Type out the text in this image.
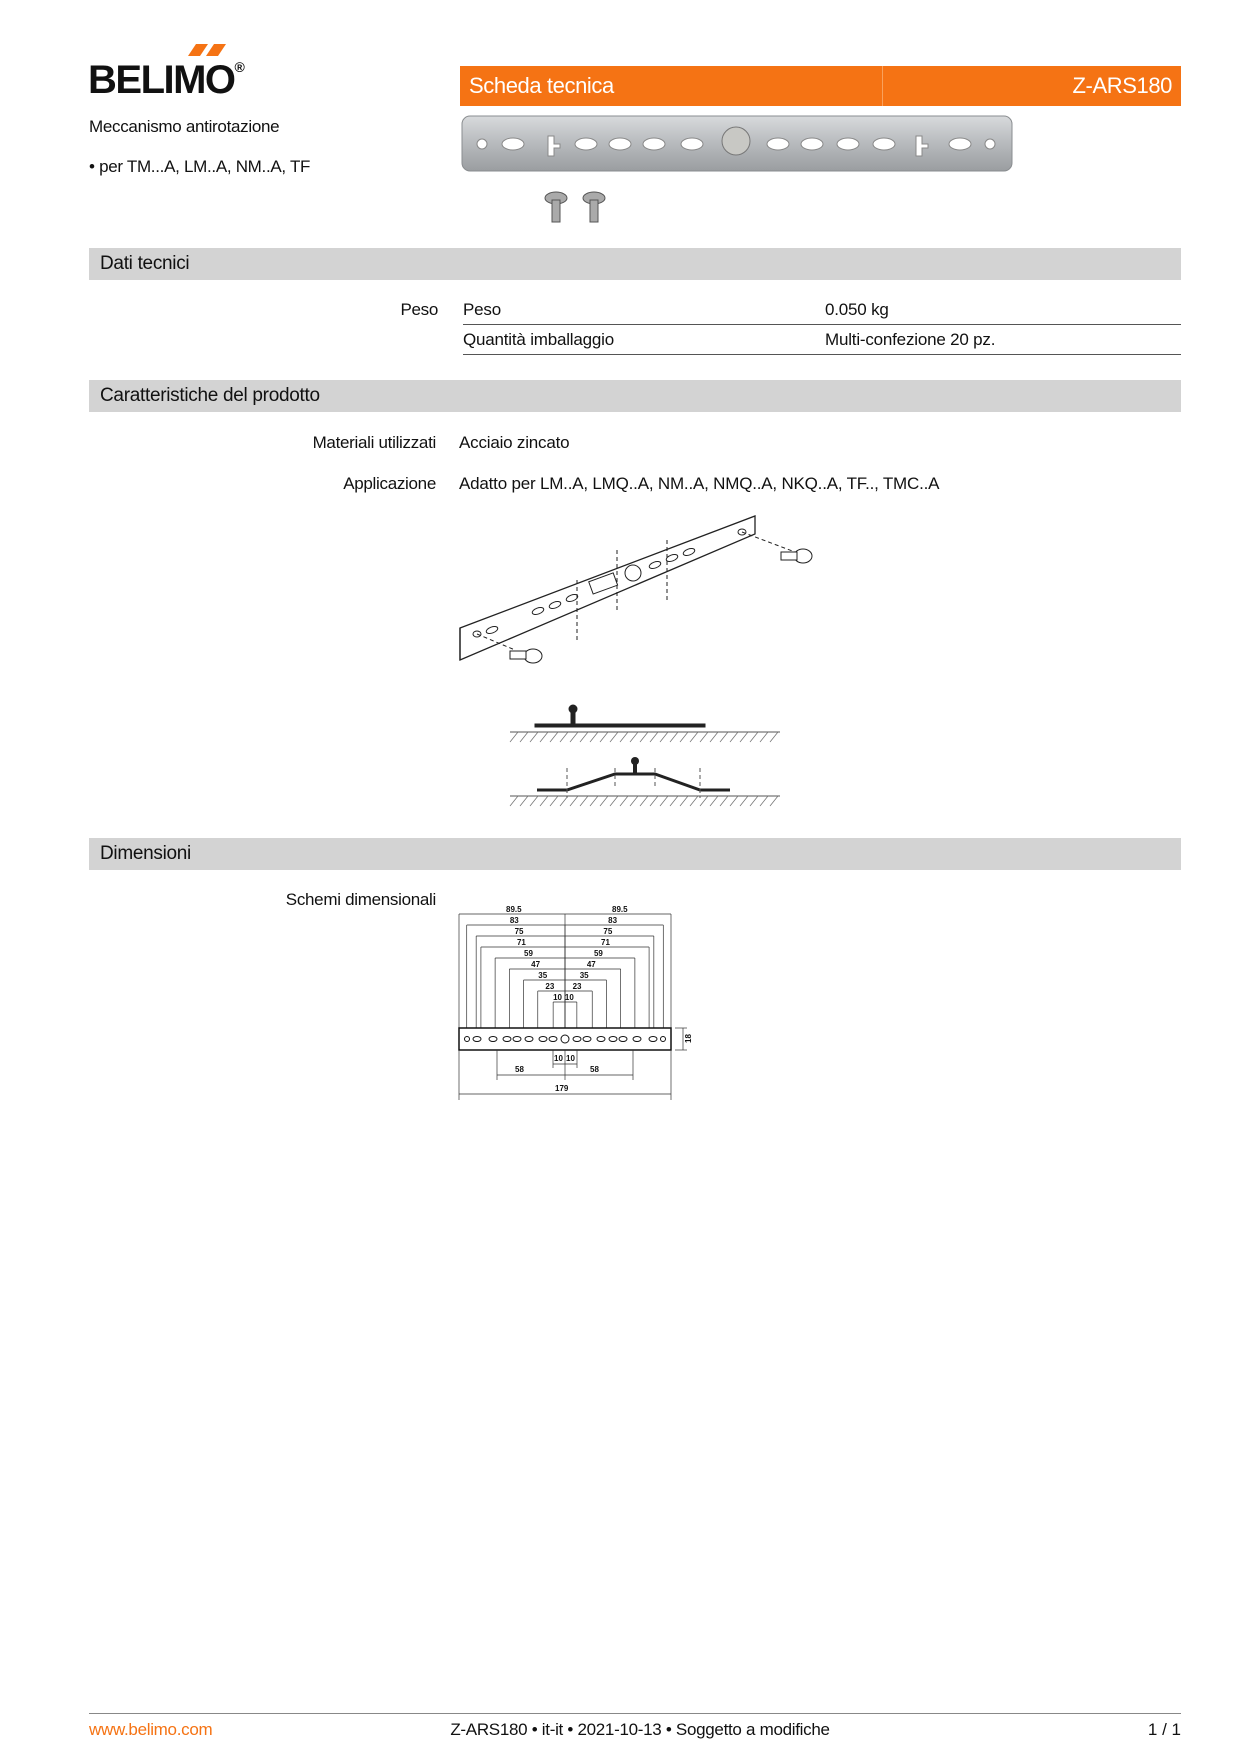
BELIMO®
Meccanismo antirotazione
• per TM...A, LM..A, NM..A, TF
Scheda tecnica	Z-ARS180
Dati tecnici
Peso Peso	0.050 kg
Quantità imballaggio	Multi-confezione 20 pz.
Caratteristiche del prodotto
Materiali utilizzati Acciaio zincato
Applicazione Adatto per LM..A, LMQ..A, NM..A, NMQ..A, NKQ..A, TF.., TMC..A
Dimensioni
Schemi dimensionali
89.5	89.5
83	83
75	75
71	71
59	59
47	47
35	35
23 23
10 10
58
10 10
58
179
18
www.belimo.com	Z-ARS180 • it-it • 2021-10-13 • Soggetto a modifiche	1 / 1
